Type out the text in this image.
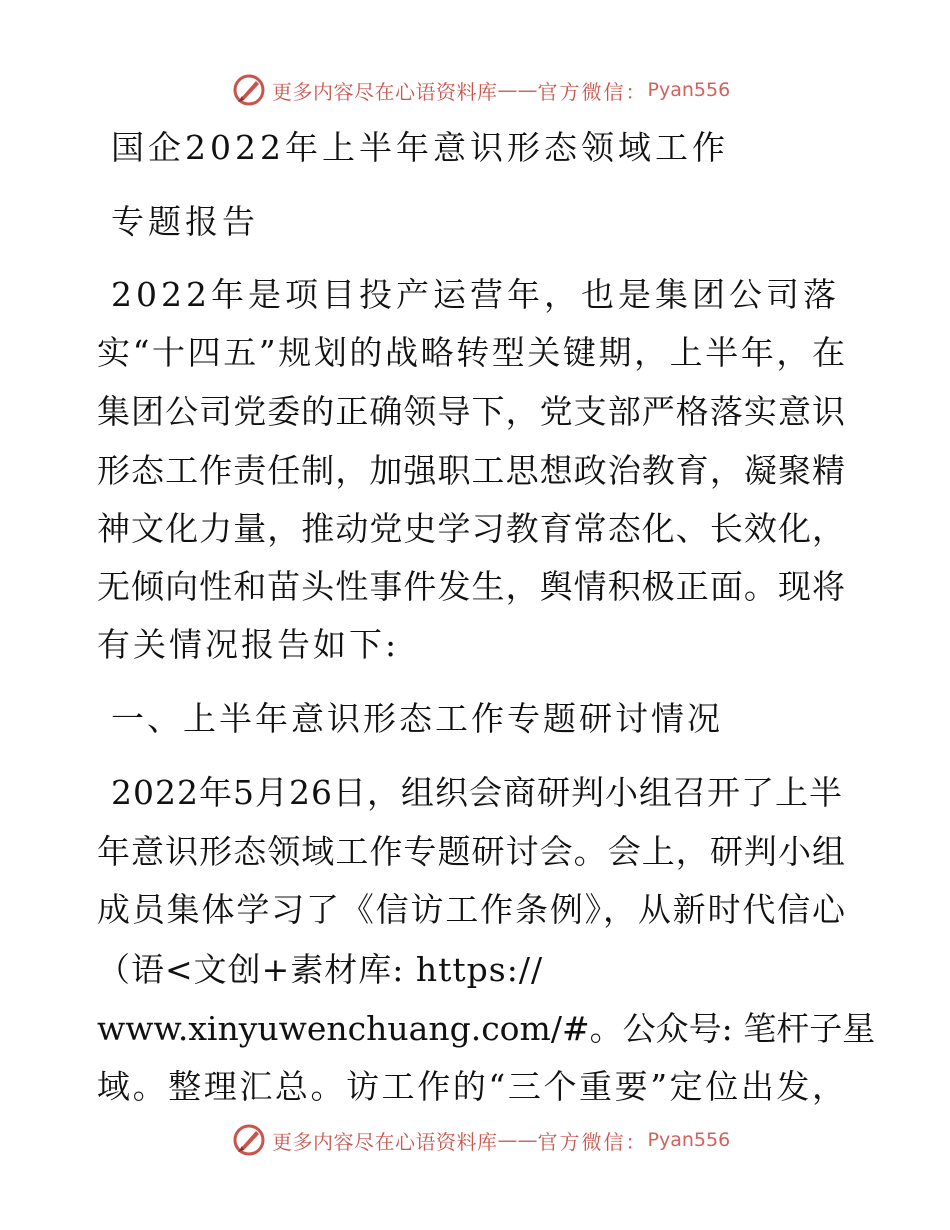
更多内容尽在心语资料库 —— 官方微信： Pyan556
国企2022年上半年意识形态领域工作
专题报告
2022年是项目投产运营年，也是集团公司落
实“十四五”规划的战略转型关键期，上半年，在
集团公司党委的正确领导下，党支部严格落实意识
形态工作责任制，加强职工思想政治教育，凝聚精
神文化力量，推动党史学习教育常态化、长效化，
无倾向性和苗头性事件发生，舆情积极正面。现将
有关情况报告如下:
一、上半年意识形态工作专题研讨情况
2022年5月26日，组织会商研判小组召开了上半
年意识形态领域工作专题研讨会。会上，研判小组
成员集体学习了《信访工作条例》，从新时代信心
（语<文创+素材库: https://
www.xinyuwenchuang.com/#。公众号: 笔杆子星
域。整理汇总。访工作的“三个重要”定位出发，
更多内容尽在心语资料库 —— 官方微信： Pyan556
